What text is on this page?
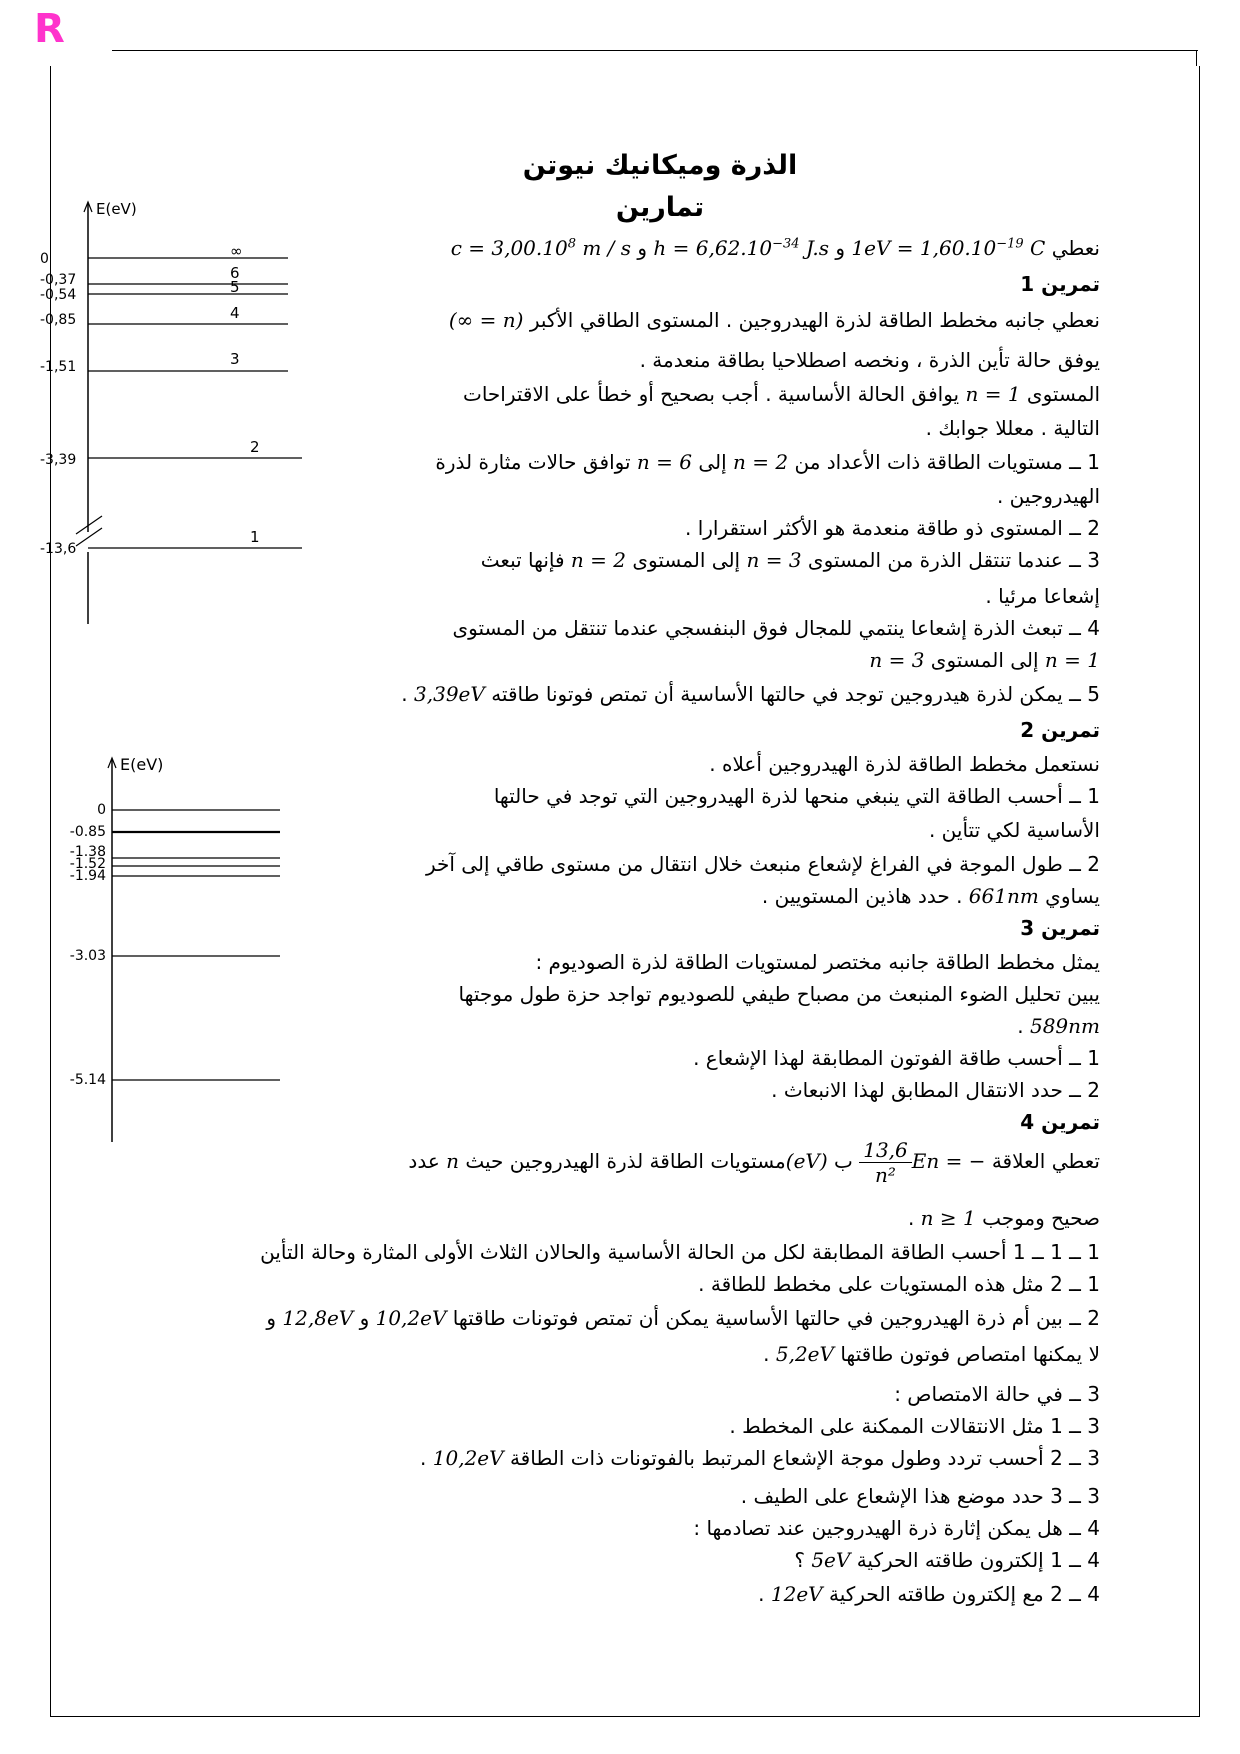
R
الذرة وميكانيك نيوتن
تمارين
نعطي $1eV = 1,60.10^{-19}$ C و $h = 6,62.10^{-34}$ J.s و $c = 3,00.10^8$ m / s
E(eV)
0	∞
-0,37	6
-0,54	5
-0,85	4
-1,51	3
-3,39
2
-13,6
1
E(eV)
0
-0.85
-1.38
-1.52
-1.94
-3.03
-5.14
تمرين 1
نعطي جانبه مخطط الطاقة لذرة الهيدروجين . المستوى الطاقي الأكبر (n = ∞)
يوفق حالة تأين الذرة ، ونخصه اصطلاحيا بطاقة منعدمة .
المستوى n = 1 يوافق الحالة الأساسية . أجب بصحيح أو خطأ على الاقتراحات
التالية . معللا جوابك .
1 ــ مستويات الطاقة ذات الأعداد من n = 2 إلى n = 6 توافق حالات مثارة لذرة
الهيدروجين .
2 ــ المستوى ذو طاقة منعدمة هو الأكثر استقرارا .
3 ــ عندما تنتقل الذرة من المستوى n = 3 إلى المستوى n = 2 فإنها تبعث
إشعاعا مرئيا .
4 ــ تبعث الذرة إشعاعا ينتمي للمجال فوق البنفسجي عندما تنتقل من المستوى
n = 1 إلى المستوى n = 3
5 ــ يمكن لذرة هيدروجين توجد في حالتها الأساسية أن تمتص فوتونا طاقته 3,39eV .
تمرين 2
نستعمل مخطط الطاقة لذرة الهيدروجين أعلاه .
1 ــ أحسب الطاقة التي ينبغي منحها لذرة الهيدروجين التي توجد في حالتها
الأساسية لكي تتأين .
2 ــ طول الموجة في الفراغ لإشعاع منبعث خلال انتقال من مستوى طاقي إلى آخر
يساوي 661nm . حدد هاذين المستويين .
تمرين 3
يمثل مخطط الطاقة جانبه مختصر لمستويات الطاقة لذرة الصوديوم :
يبين تحليل الضوء المنبعث من مصباح طيفي للصوديوم تواجد حزة طول موجتها
589nm .
1 ــ أحسب طاقة الفوتون المطابقة لهذا الإشعاع .
2 ــ حدد الانتقال المطابق لهذا الانبعاث .
تمرين 4
تعطي العلاقة En = −
$\frac{13,6}{\text{n²}}$
ب (eV)مستويات الطاقة لذرة الهيدروجين حيث n عدد
صحيح وموجب n ≥ 1 .
1 ــ 1 ــ 1 أحسب الطاقة المطابقة لكل من الحالة الأساسية والحالان الثلاث الأولى المثارة وحالة التأين
1 ــ 2 مثل هذه المستويات على مخطط للطاقة .
2 ــ بين أم ذرة الهيدروجين في حالتها الأساسية يمكن أن تمتص فوتونات طاقتها 10,2eV و 12,8eV و
لا يمكنها امتصاص فوتون طاقتها 5,2eV .
3 ــ في حالة الامتصاص :
3 ــ 1 مثل الانتقالات الممكنة على المخطط .
3 ــ 2 أحسب تردد وطول موجة الإشعاع المرتبط بالفوتونات ذات الطاقة 10,2eV .
3 ــ 3 حدد موضع هذا الإشعاع على الطيف .
4 ــ هل يمكن إثارة ذرة الهيدروجين عند تصادمها :
4 ــ 1 إلكترون طاقته الحركية 5eV ؟
4 ــ 2 مع إلكترون طاقته الحركية 12eV .
